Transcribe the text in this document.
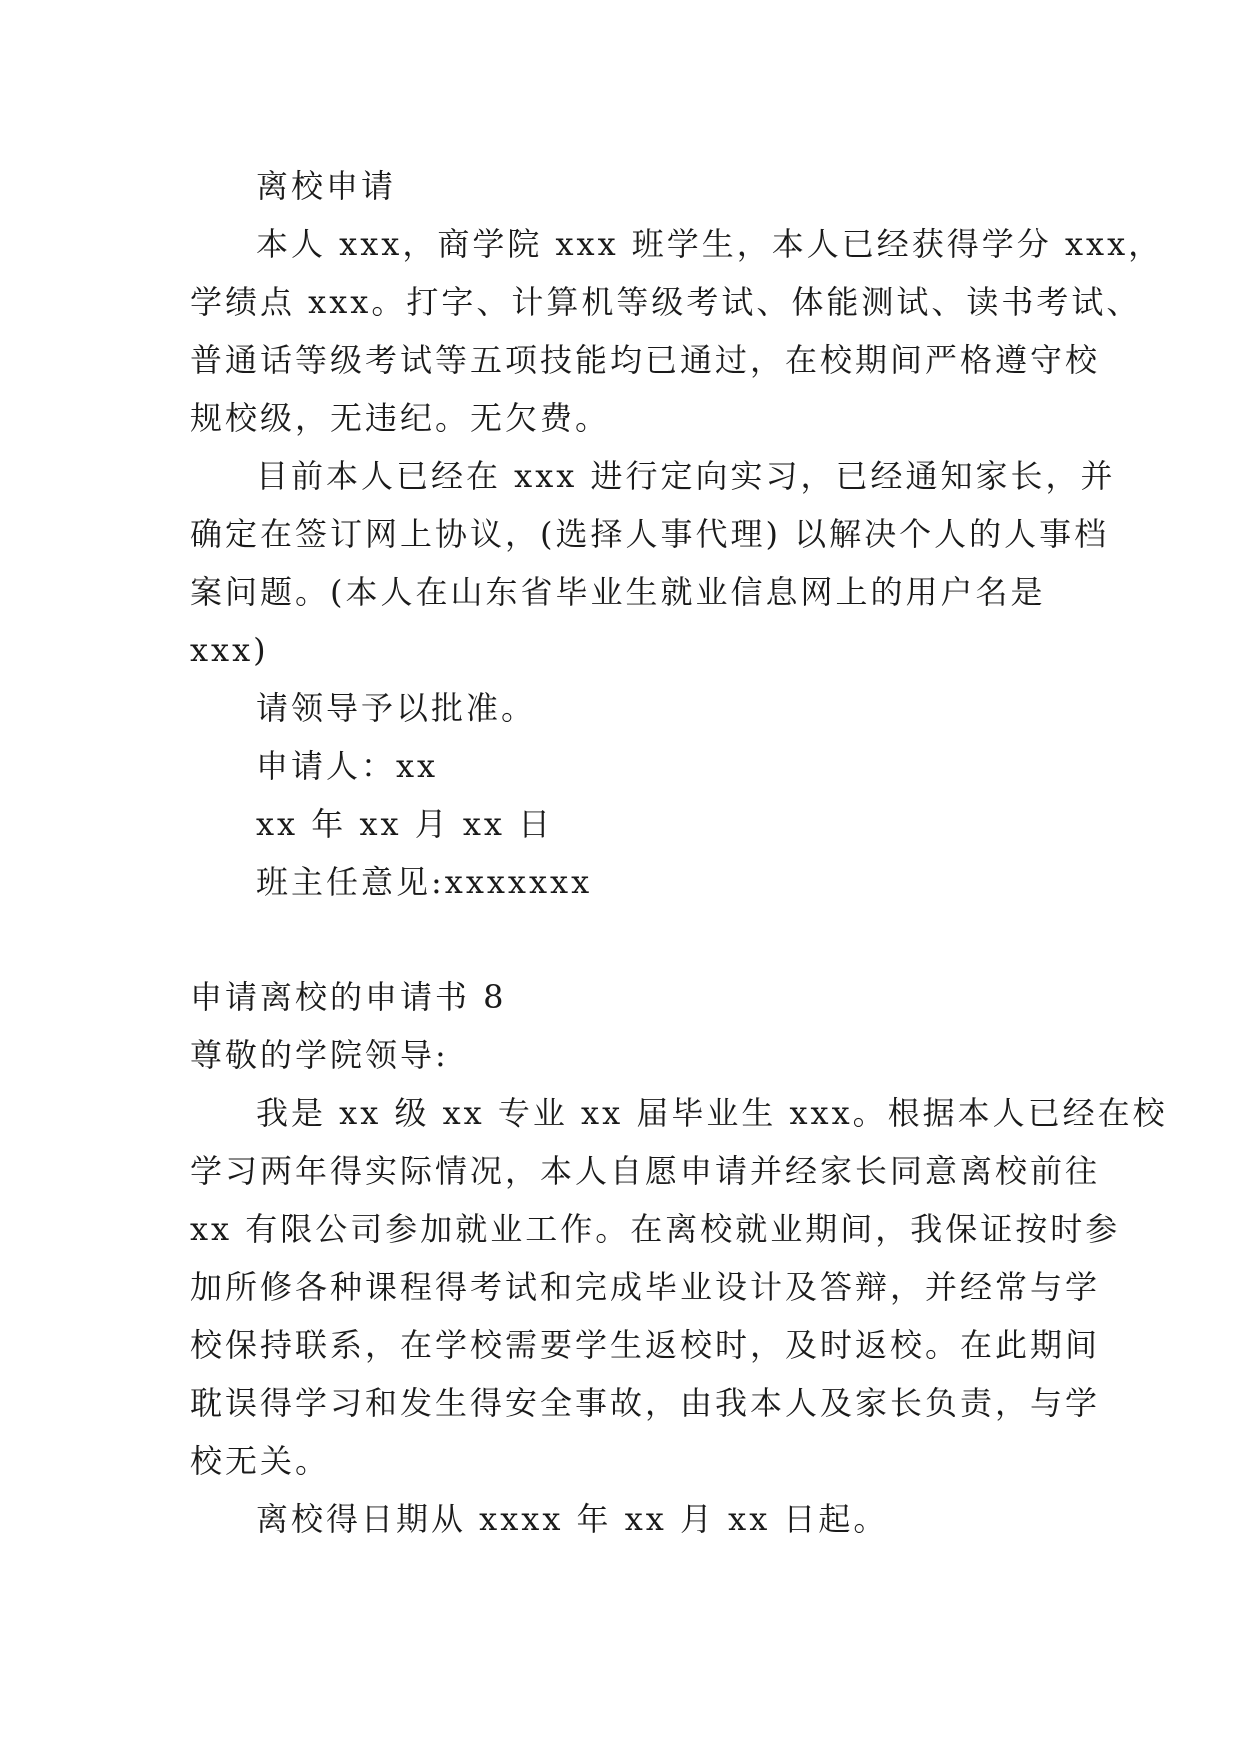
离校申请
本人 xxx，商学院 xxx 班学生，本人已经获得学分 xxx，
学绩点 xxx。打字、计算机等级考试、体能测试、读书考试、
普通话等级考试等五项技能均已通过，在校期间严格遵守校
规校级，无违纪。无欠费。
目前本人已经在 xxx 进行定向实习，已经通知家长，并
确定在签订网上协议，(选择人事代理) 以解决个人的人事档
案问题。(本人在山东省毕业生就业信息网上的用户名是
xxx)
请领导予以批准。
申请人：xx
xx 年 xx 月 xx 日
班主任意见:xxxxxxx
申请离校的申请书 8
尊敬的学院领导:
我是 xx 级 xx 专业 xx 届毕业生 xxx。根据本人已经在校
学习两年得实际情况，本人自愿申请并经家长同意离校前往
xx 有限公司参加就业工作。在离校就业期间，我保证按时参
加所修各种课程得考试和完成毕业设计及答辩，并经常与学
校保持联系，在学校需要学生返校时，及时返校。在此期间
耽误得学习和发生得安全事故，由我本人及家长负责，与学
校无关。
离校得日期从 xxxx 年 xx 月 xx 日起。
